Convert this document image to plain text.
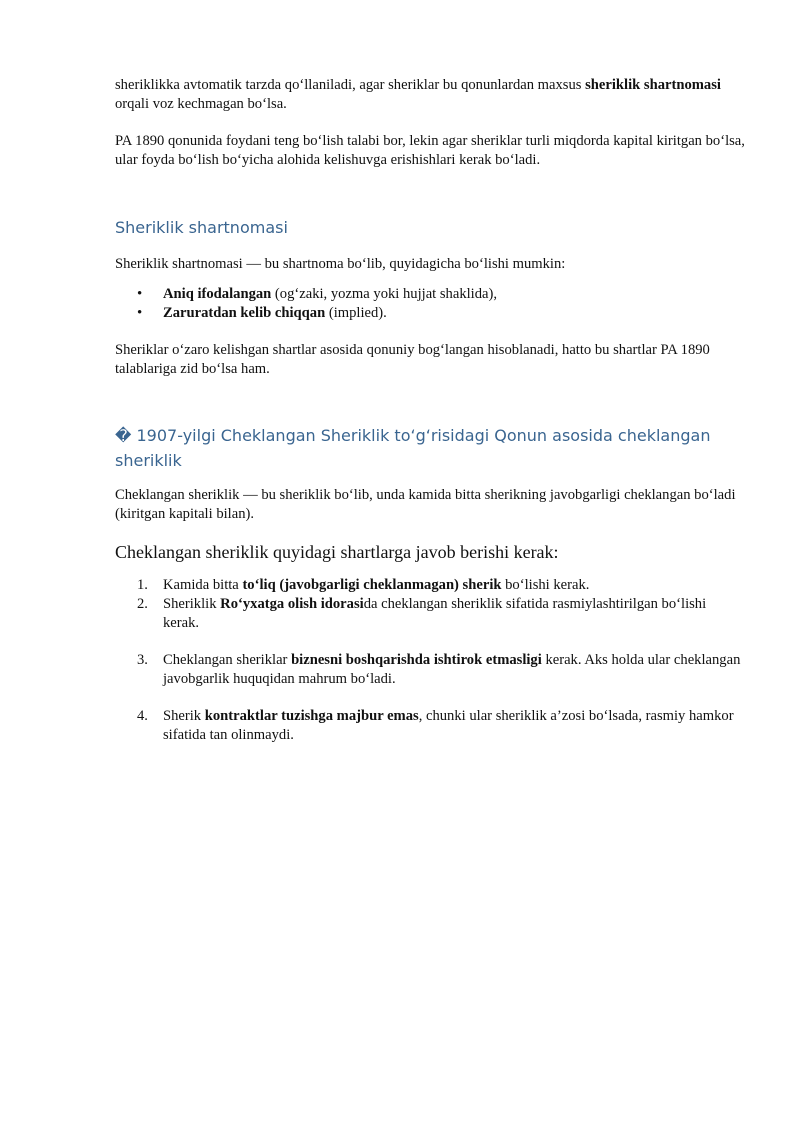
sheriklikka avtomatik tarzda qo‘llaniladi, agar sheriklar bu qonunlardan maxsus sheriklik shartnomasi orqali voz kechmagan bo‘lsa.

PA 1890 qonunida foydani teng bo‘lish talabi bor, lekin agar sheriklar turli miqdorda kapital kiritgan bo‘lsa, ular foyda bo‘lish bo‘yicha alohida kelishuvga erishishlari kerak bo‘ladi.

Sheriklik shartnomasi

Sheriklik shartnomasi — bu shartnoma bo‘lib, quyidagicha bo‘lishi mumkin:

• Aniq ifodalangan (og‘zaki, yozma yoki hujjat shaklida),
• Zaruratdan kelib chiqqan (implied).

Sheriklar o‘zaro kelishgan shartlar asosida qonuniy bog‘langan hisoblanadi, hatto bu shartlar PA 1890 talablariga zid bo‘lsa ham.

� 1907-yilgi Cheklangan Sheriklik to‘g‘risidagi Qonun asosida cheklangan sheriklik

Cheklangan sheriklik — bu sheriklik bo‘lib, unda kamida bitta sherikning javobgarligi cheklangan bo‘ladi (kiritgan kapitali bilan).

Cheklangan sheriklik quyidagi shartlarga javob berishi kerak:
1. Kamida bitta to‘liq (javobgarligi cheklanmagan) sherik bo‘lishi kerak.
2. Sheriklik Ro‘yxatga olish idorasida cheklangan sheriklik sifatida rasmiylashtirilgan bo‘lishi kerak.
3. Cheklangan sheriklar biznesni boshqarishda ishtirok etmasligi kerak. Aks holda ular cheklangan javobgarlik huquqidan mahrum bo‘ladi.
4. Sherik kontraktlar tuzishga majbur emas, chunki ular sheriklik a’zosi bo‘lsada, rasmiy hamkor sifatida tan olinmaydi.
